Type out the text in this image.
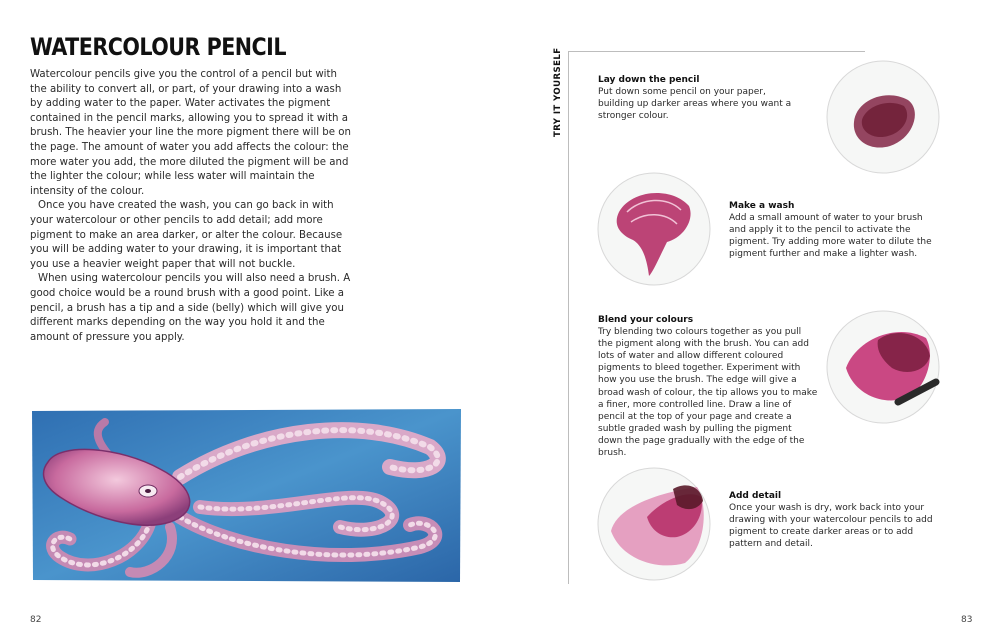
WATERCOLOUR PENCIL

Watercolour pencils give you the control of a pencil but with the ability to convert all, or part, of your drawing into a wash by adding water to the paper. Water activates the pigment contained in the pencil marks, allowing you to spread it with a brush. The heavier your line the more pigment there will be on the page. The amount of water you add affects the colour: the more water you add, the more diluted the pigment will be and the lighter the colour; while less water will maintain the intensity of the colour.

Once you have created the wash, you can go back in with your watercolour or other pencils to add detail; add more pigment to make an area darker, or alter the colour. Because you will be adding water to your drawing, it is important that you use a heavier weight paper that will not buckle.

When using watercolour pencils you will also need a brush. A good choice would be a round brush with a good point. Like a pencil, a brush has a tip and a side (belly) which will give you different marks depending on the way you hold it and the amount of pressure you apply.

82
TRY IT YOURSELF	Lay down the pencil

Put down some pencil on your paper, building up darker areas where you want a stronger colour.

Make a wash

Add a small amount of water to your brush and apply it to the pencil to activate the pigment. Try adding more water to dilute the pigment further and make a lighter wash.

Blend your colours

Try blending two colours together as you pull the pigment along with the brush. You can add lots of water and allow different coloured pigments to bleed together. Experiment with how you use the brush. The edge will give a broad wash of colour, the tip allows you to make a finer, more controlled line. Draw a line of pencil at the top of your page and create a subtle graded wash by pulling the pigment down the page gradually with the edge of the brush.

Add detail

Once your wash is dry, work back into your drawing with your watercolour pencils to add pigment to create darker areas or to add pattern and detail.

83
